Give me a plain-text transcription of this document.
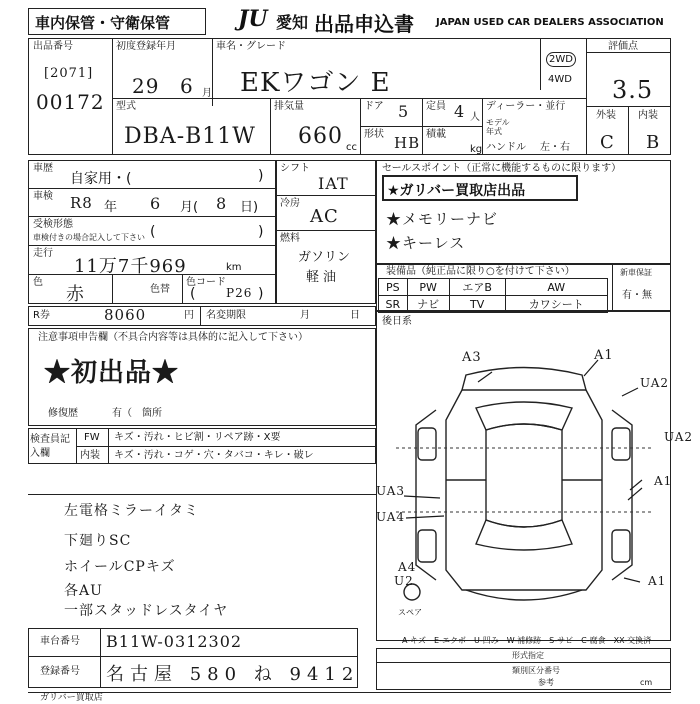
車内保管・守衛保管	JU 愛知 出品申込書 JAPAN USED CAR DEALERS ASSOCIATION
出品番号
[2071]
00172
初度登録年月
29 6 月
車名・グレード
EKワゴン E
2WD
4WD
評価点
3.5
外装 内装
C B
型式
DBA-B11W
排気量
660 cc
ドア 5 定員 4 人
ディーラー・並行
モデル年式
ハンドル 左・右
形状 HB 積載
kg
車歴
自家用・(	)
車検 R8 年 6 月( 8 日)
受検形態
車検付きの場合記入して下さい (	)
走行
11万7千969	km
色
赤	色替
色コード
(	P26 )
シフト
IAT
冷房
AC
燃料
ガソリン
軽油
セールスポイント（正常に機能するものに限ります）
★ガリバー買取店出品
★メモリーナビ
★キーレス
装備品（純正品に限り○を付けて下さい）
PS	PW	エアB	AW
SR	ナビ	TV	カワシート
新車保証
有・無
R券	8060	円 名変期限	月	日
注意事項申告欄（不具合内容等は具体的に記入して下さい）
★初出品★
修復歴	有（　箇所
検査員記入欄
FW キズ・汚れ・ヒビ割・リペア跡・X要
内装 キズ・汚れ・コゲ・穴・タバコ・キレ・破レ
左電格ミラーイタミ
下廻りSC
ホイールCPキズ
各AU
一部スタッドレスタイヤ
車台番号 B11W-0312302
登録番号 名古屋 580 ね 9412
後日系
A3	A1
UA2
UA2
A1
UA3
UA4
A4
U2	A1
スペア
A-キズ　E-エクボ　U-凹み　W-補修跡　S-サビ　C-腐食　XX-交換済
形式指定
類別区分番号
参考	cm
ガリバー買取店
